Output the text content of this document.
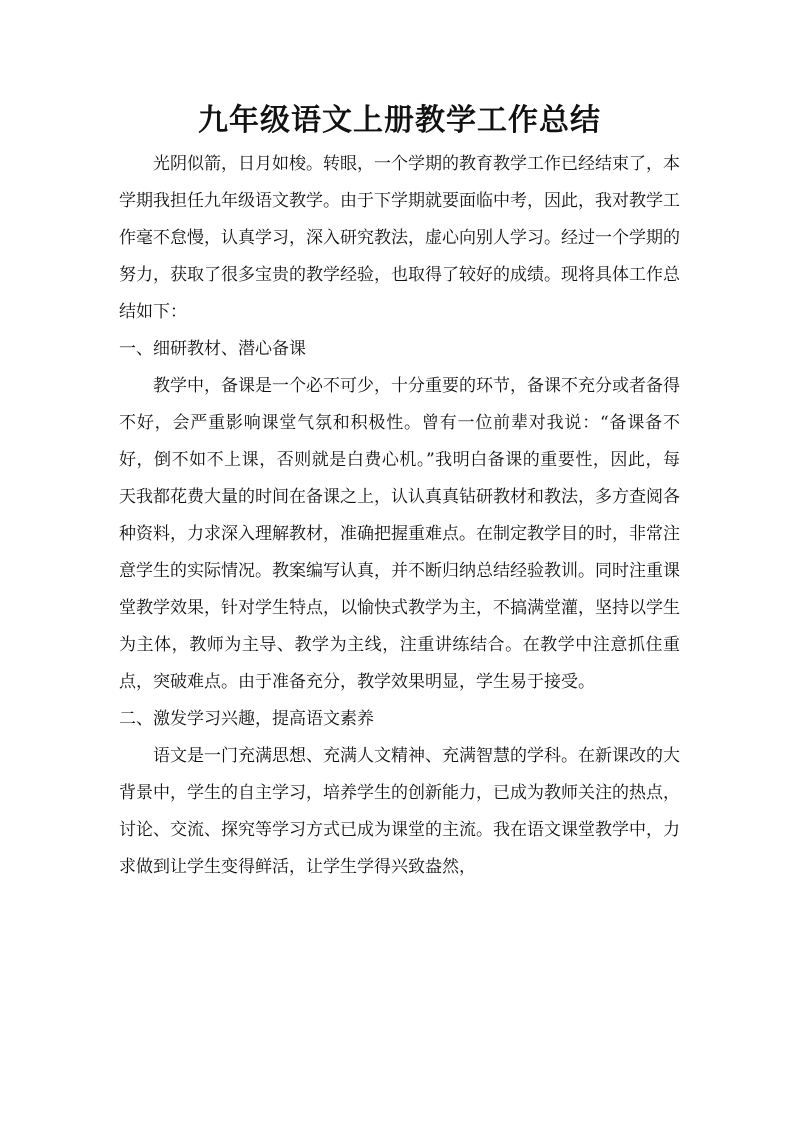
九年级语文上册教学工作总结

光阴似箭，日月如梭。转眼，一个学期的教育教学工作已经结束了，本学期我担任九年级语文教学。由于下学期就要面临中考，因此，我对教学工作毫不怠慢，认真学习，深入研究教法，虚心向别人学习。经过一个学期的努力，获取了很多宝贵的教学经验，也取得了较好的成绩。现将具体工作总结如下：

一、细研教材、潜心备课

教学中，备课是一个必不可少，十分重要的环节，备课不充分或者备得不好，会严重影响课堂气氛和积极性。曾有一位前辈对我说：“备课备不好，倒不如不上课，否则就是白费心机。”我明白备课的重要性，因此，每天我都花费大量的时间在备课之上，认认真真钻研教材和教法，多方查阅各种资料，力求深入理解教材，准确把握重难点。在制定教学目的时，非常注意学生的实际情况。教案编写认真，并不断归纳总结经验教训。同时注重课堂教学效果，针对学生特点，以愉快式教学为主，不搞满堂灌，坚持以学生为主体，教师为主导、教学为主线，注重讲练结合。在教学中注意抓住重点，突破难点。由于准备充分，教学效果明显，学生易于接受。

二、激发学习兴趣，提高语文素养

语文是一门充满思想、充满人文精神、充满智慧的学科。在新课改的大背景中，学生的自主学习，培养学生的创新能力，已成为教师关注的热点，讨论、交流、探究等学习方式已成为课堂的主流。我在语文课堂教学中，力求做到让学生变得鲜活，让学生学得兴致盎然，
